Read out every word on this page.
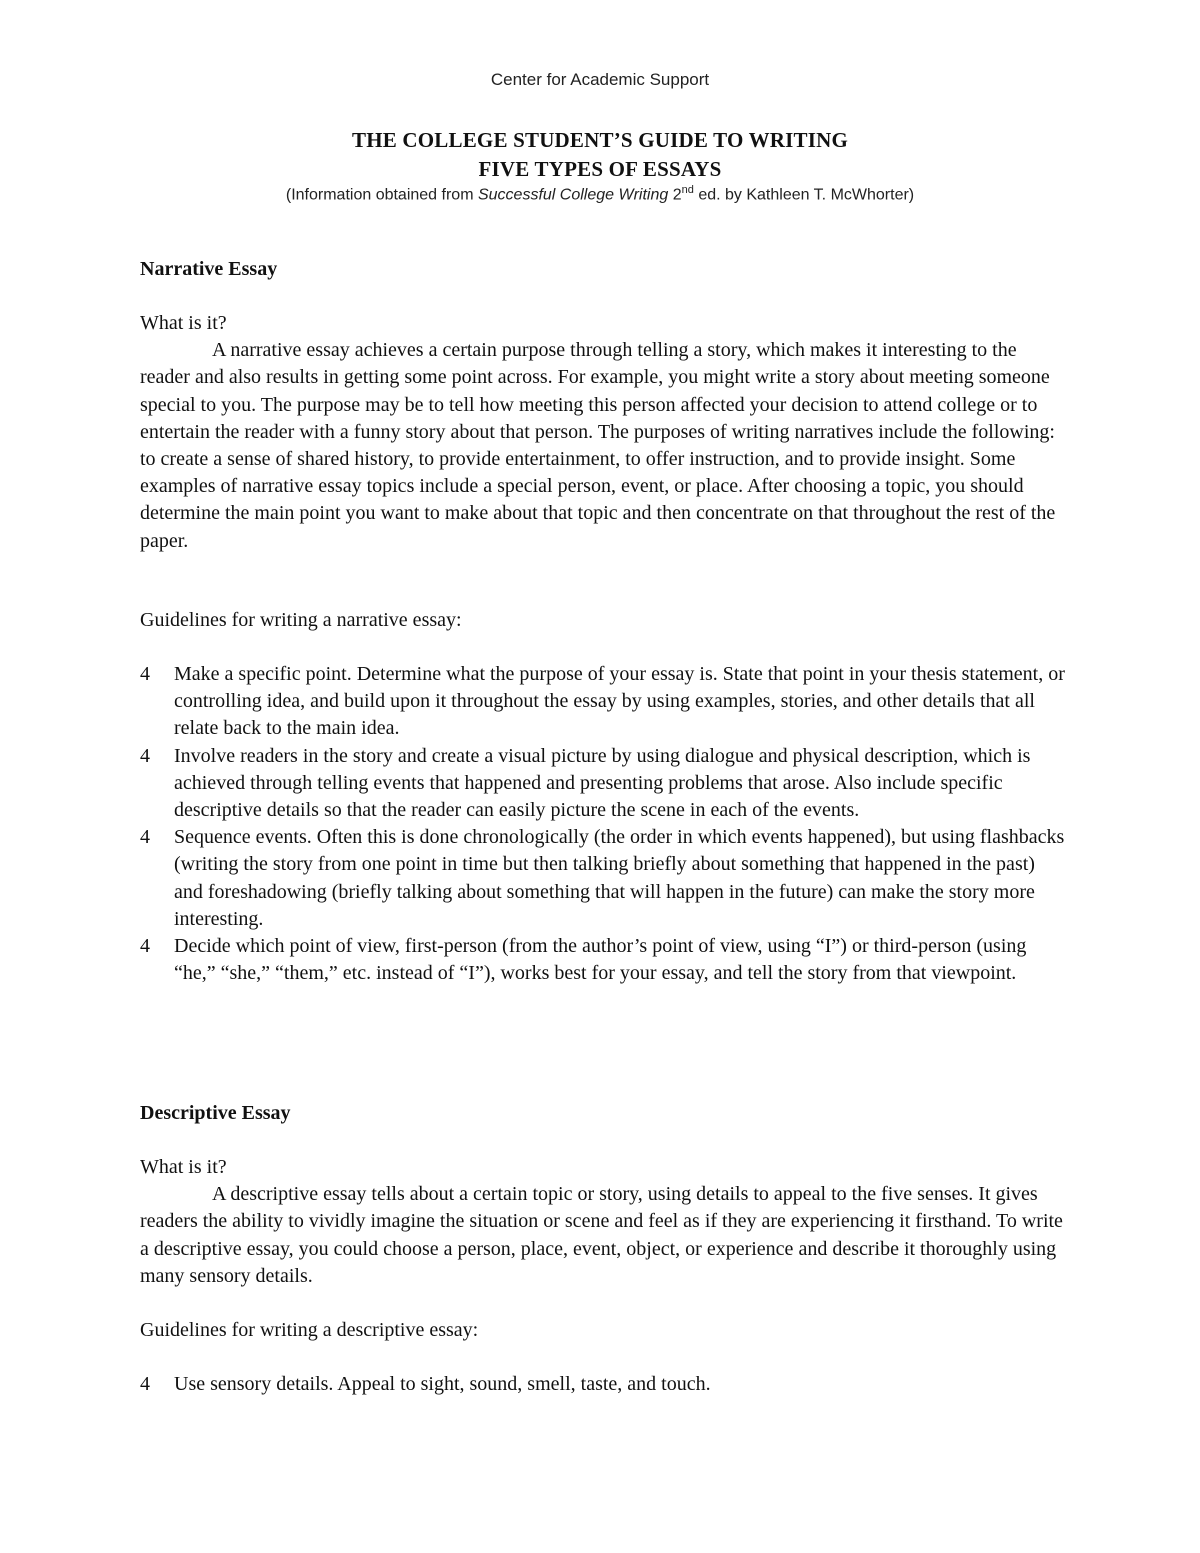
Center for Academic Support
THE COLLEGE STUDENT’S GUIDE TO WRITING
FIVE TYPES OF ESSAYS
(Information obtained from Successful College Writing 2nd ed. by Kathleen T. McWhorter)

Narrative Essay

What is it?

A narrative essay achieves a certain purpose through telling a story, which makes it interesting to the reader and also results in getting some point across. For example, you might write a story about meeting someone special to you. The purpose may be to tell how meeting this person affected your decision to attend college or to entertain the reader with a funny story about that person. The purposes of writing narratives include the following: to create a sense of shared history, to provide entertainment, to offer instruction, and to provide insight. Some examples of narrative essay topics include a special person, event, or place. After choosing a topic, you should determine the main point you want to make about that topic and then concentrate on that throughout the rest of the paper.

Guidelines for writing a narrative essay:

4 Make a specific point. Determine what the purpose of your essay is. State that point in your thesis statement, or controlling idea, and build upon it throughout the essay by using examples, stories, and other details that all relate back to the main idea.
4 Involve readers in the story and create a visual picture by using dialogue and physical description, which is achieved through telling events that happened and presenting problems that arose. Also include specific descriptive details so that the reader can easily picture the scene in each of the events.
4 Sequence events. Often this is done chronologically (the order in which events happened), but using flashbacks (writing the story from one point in time but then talking briefly about something that happened in the past) and foreshadowing (briefly talking about something that will happen in the future) can make the story more interesting.
4 Decide which point of view, first-person (from the author’s point of view, using “I”) or third-person (using “he,” “she,” “them,” etc. instead of “I”), works best for your essay, and tell the story from that viewpoint.

Descriptive Essay

What is it?

A descriptive essay tells about a certain topic or story, using details to appeal to the five senses. It gives readers the ability to vividly imagine the situation or scene and feel as if they are experiencing it firsthand. To write a descriptive essay, you could choose a person, place, event, object, or experience and describe it thoroughly using many sensory details.

Guidelines for writing a descriptive essay:

4 Use sensory details. Appeal to sight, sound, smell, taste, and touch.
